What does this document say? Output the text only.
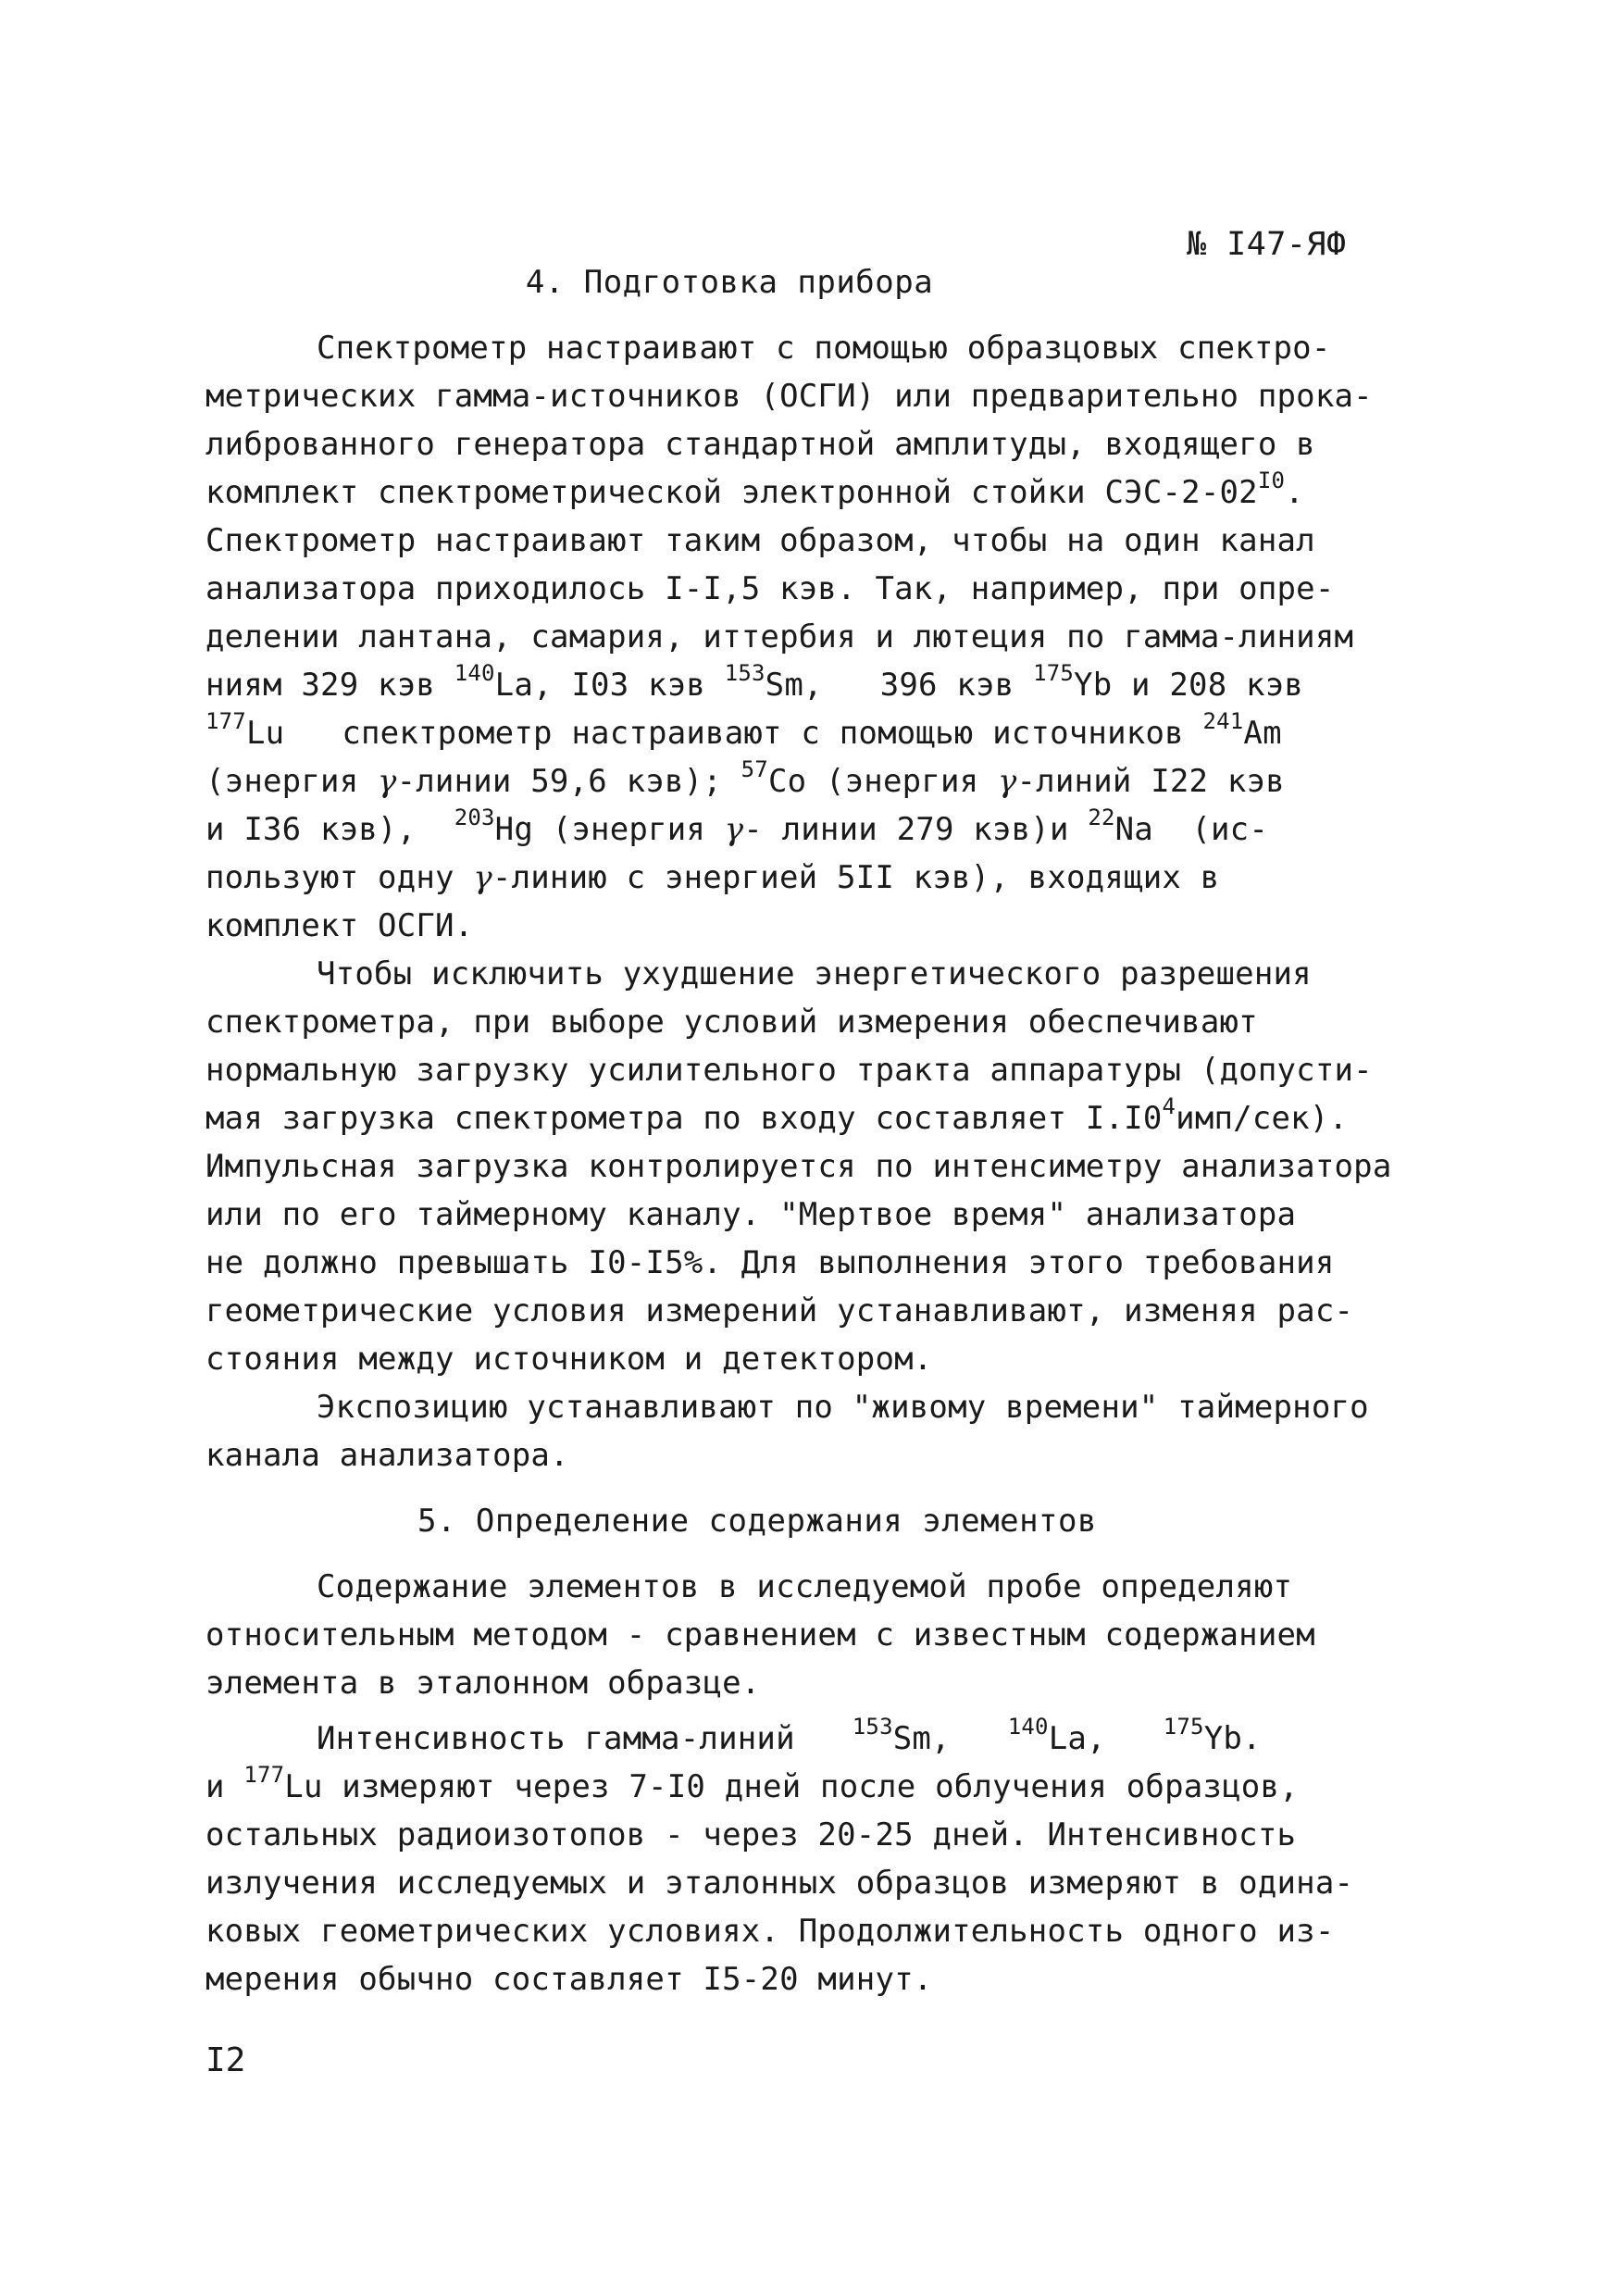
№ I47-ЯФ
4. Подготовка прибора
Спектрометр настраивают с помощью образцовых спектро-
метрических гамма-источников (ОСГИ) или предварительно прока-
либрованного генератора стандартной амплитуды, входящего в
комплект спектрометрической электронной стойки СЭС-$2-02^{I0}$.
Спектрометр настраивают таким образом, чтобы на один канал
анализатора приходилось I-I,5 кэв. Так, например, при опре-
делении лантана, самария, иттербия и лютеция по гамма-линиям
ниям 329 кэв $^{140}$La, I03 кэв $^{153}$Sm, 396 кэв $^{175}$Yb и 208 кэв
$^{177}$Lu спектрометр настраивают с помощью источников $^{241}$Am
(энергия γ-линии 59,6 кэв); $^{57}$Co (энергия γ-линий I22 кэв
и I36 кэв), $^{203}$Hg (энергия γ- линии 279 кэв)и $^{22}$Na (ис-
пользуют одну γ-линию с энергией 5II кэв), входящих в
комплект ОСГИ.
Чтобы исключить ухудшение энергетического разрешения
спектрометра, при выборе условий измерения обеспечивают
нормальную загрузку усилительного тракта аппаратуры (допусти-
мая загрузка спектрометра по входу составляет $I.I0^4имп/сек$).
Импульсная загрузка контролируется по интенсиметру анализатора
или по его таймерному каналу. "Мертвое время" анализатора
не должно превышать I0-I5%. Для выполнения этого требования
геометрические условия измерений устанавливают, изменяя рас-
стояния между источником и детектором.
Экспозицию устанавливают по "живому времени" таймерного
канала анализатора.
5. Определение содержания элементов
Содержание элементов в исследуемой пробе определяют
относительным методом - сравнением с известным содержанием
элемента в эталонном образце.
Интенсивность гамма-линий	$^{153}$Sm,	$^{140}$La,	$^{175}$Yb.
и $^{177}$Lu измеряют через 7-I0 дней после облучения образцов,
остальных радиоизотопов - через 20-25 дней. Интенсивность
излучения исследуемых и эталонных образцов измеряют в одина-
ковых геометрических условиях. Продолжительность одного из-
мерения обычно составляет I5-20 минут.
I2
